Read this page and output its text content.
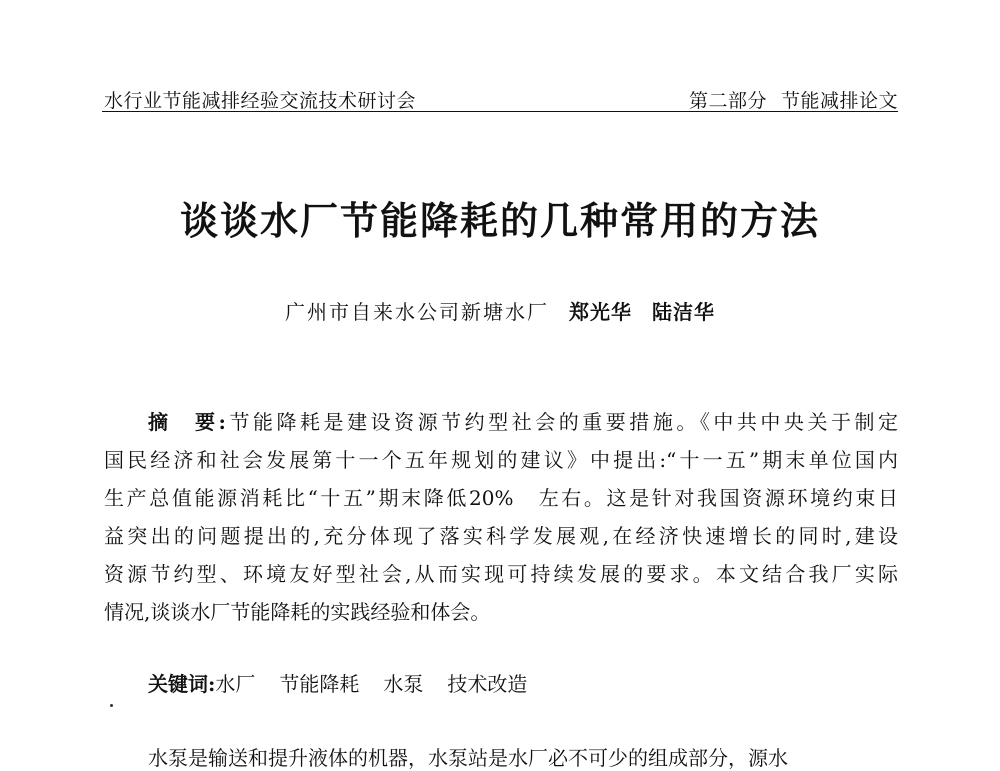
水行业节能减排经验交流技术研讨会	第二部分 节能减排论文
谈谈水厂节能降耗的几种常用的方法
广州市自来水公司新塘水厂 郑光华 陆洁华
摘　要:节能降耗是建设资源节约型社会的重要措施。《中共中央关于制定
国民经济和社会发展第十一个五年规划的建议》中提出:“十一五”期末单位国内
生产总值能源消耗比“十五”期末降低20%　左右。这是针对我国资源环境约束日
益突出的问题提出的,充分体现了落实科学发展观,在经济快速增长的同时,建设
资源节约型、环境友好型社会,从而实现可持续发展的要求。本文结合我厂实际
情况,谈谈水厂节能降耗的实践经验和体会。
关键词:水厂 节能降耗 水泵 技术改造
水泵是输送和提升液体的机器，水泵站是水厂必不可少的组成部分，源水
